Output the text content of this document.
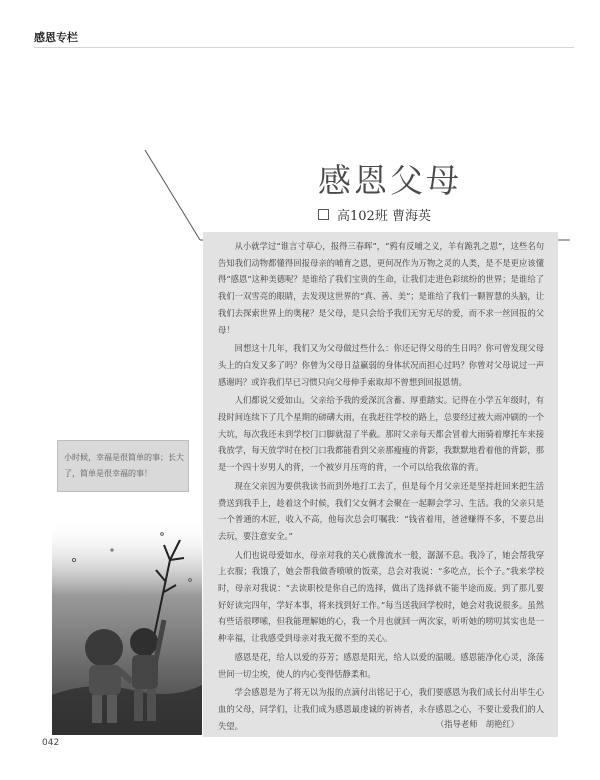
感恩专栏
感恩父母
高102班 曹海英

从小就学过“谁言寸草心，报得三春晖”，“鸦有反哺之义，羊有跪乳之恩”，这些名句告知我们动物都懂得回报母亲的哺育之恩，更何况作为万物之灵的人类，是不是更应该懂得“感恩”这种美德呢？是谁给了我们宝贵的生命，让我们走进色彩缤纷的世界；是谁给了我们一双雪亮的眼睛，去发现这世界的“真、善、美”；是谁给了我们一颗智慧的头脑，让我们去探索世界上的奥秘？是父母，是只会给予我们无穷无尽的爱，而不求一丝回报的父母！

回想这十几年，我们又为父母做过些什么：你还记得父母的生日吗？你可曾发现父母头上的白发又多了吗？你曾为父母日益赢弱的身体状况而担心过吗？你曾对父母说过一声感谢吗？或许我们早已习惯只向父母伸手索取却不曾想到回报恩情。

人们都说父爱如山。父亲给予我的爱深沉含蓄、厚重踏实。记得在小学五年级时，有段时间连续下了几个星期的磅礴大雨，在我赶往学校的路上，总要经过被大雨冲刷的一个大坑，每次我还未到学校门口脚就湿了半截。那时父亲每天都会冒着大雨骑着摩托车来接我放学，每天放学时在校门口我都能看到父亲那瘦瘦的背影，我默默地看着他的背影，那是一个四十岁男人的背，一个被岁月压弯的背，一个可以给我依靠的背。

现在父亲因为要供我读书而到外地打工去了，但是每个月父亲还是坚持赶回来把生活费送到我手上，趁着这个时候，我们父女俩才会聚在一起聊会学习、生活。我的父亲只是一个普通的木匠，收入不高，他每次总会叮嘱我：“钱省着用，爸爸赚得不多，不要总出去玩，要注意安全。”

人们也说母爱如水，母亲对我的关心就像流水一般，潺潺不息。我冷了，她会帮我穿上衣服；我饿了，她会帮我做香喷喷的饭菜，总会对我说：“多吃点，长个子。”我来学校时，母亲对我说：“去读职校是你自己的选择，做出了选择就不能半途而废。到了那儿要好好读完四年，学好本事，将来找到好工作。”每当送我回学校时，她会对我说很多。虽然有些话很啰嗦，但我能理解她的心，我一个月也就回一两次家，听听她的唠叨其实也是一种幸福，让我感受到母亲对我无微不至的关心。

感恩是花，给人以爱的芬芳；感恩是阳光，给人以爱的温暖。感恩能净化心灵，涤荡世间一切尘埃，使人的内心变得恬静柔和。

学会感恩是为了将无以为报的点滴付出铭记于心，我们要感恩为我们成长付出毕生心血的父母，同学们，让我们成为感恩最虔诚的祈祷者，永存感恩之心，不要让爱我们的人失望。	（指导老师　胡艳红）
小时候，幸福是很简单的事；长大了，简单是很幸福的事！
042
